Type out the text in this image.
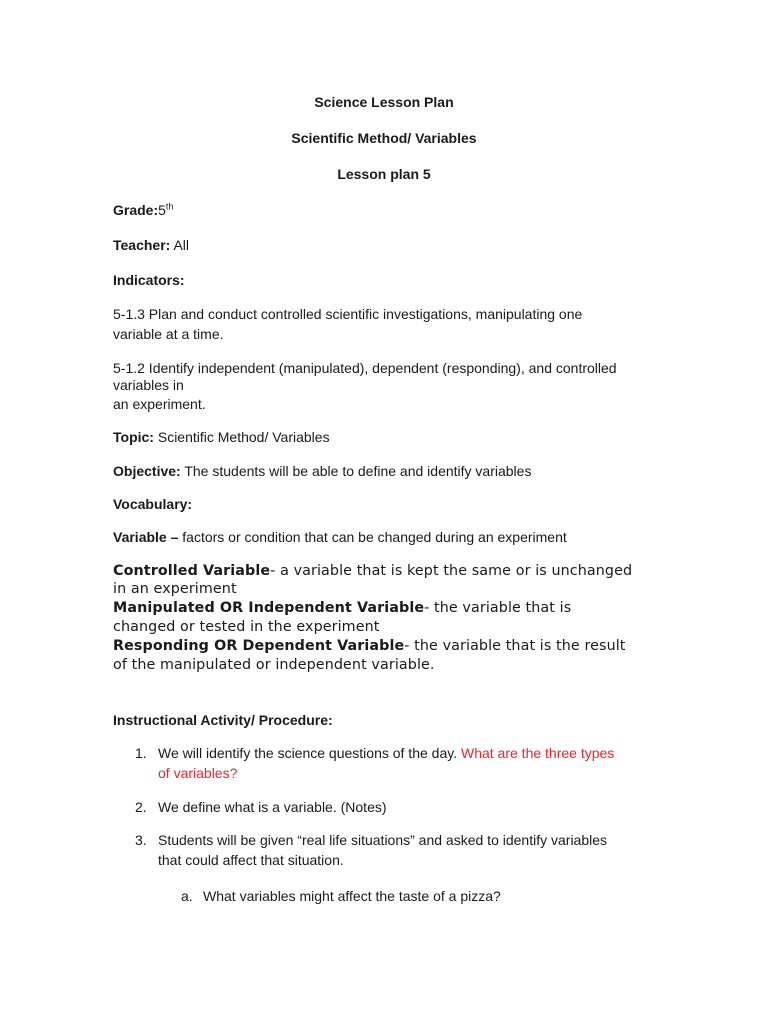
Science Lesson Plan
Scientific Method/ Variables
Lesson plan 5
Grade:5th
Teacher: All
Indicators:
5-1.3 Plan and conduct controlled scientific investigations, manipulating one
variable at a time.
5-1.2 Identify independent (manipulated), dependent (responding), and controlled
variables in
an experiment.
Topic: Scientific Method/ Variables
Objective: The students will be able to define and identify variables
Vocabulary:
Variable – factors or condition that can be changed during an experiment
Controlled Variable- a variable that is kept the same or is unchanged
in an experiment
Manipulated OR Independent Variable- the variable that is
changed or tested in the experiment
Responding OR Dependent Variable- the variable that is the result
of the manipulated or independent variable.
Instructional Activity/ Procedure:
1. We will identify the science questions of the day. What are the three types
of variables?
2. We define what is a variable. (Notes)
3. Students will be given “real life situations” and asked to identify variables
that could affect that situation.
a. What variables might affect the taste of a pizza?
